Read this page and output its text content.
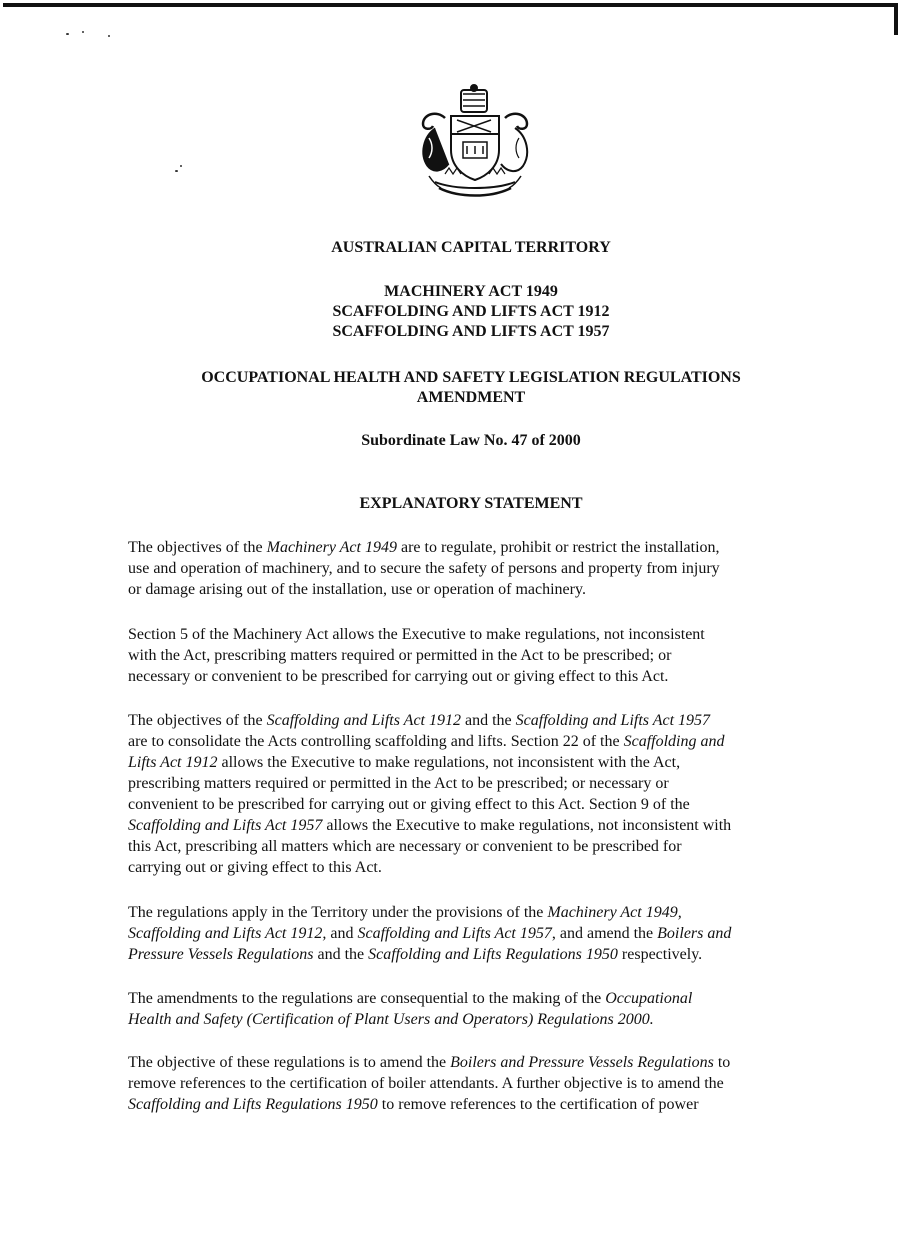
AUSTRALIAN CAPITAL TERRITORY
MACHINERY ACT 1949
SCAFFOLDING AND LIFTS ACT 1912
SCAFFOLDING AND LIFTS ACT 1957
OCCUPATIONAL HEALTH AND SAFETY LEGISLATION REGULATIONS
AMENDMENT
Subordinate Law No. 47 of 2000
EXPLANATORY STATEMENT
The objectives of the Machinery Act 1949 are to regulate, prohibit or restrict the installation,
use and operation of machinery, and to secure the safety of persons and property from injury
or damage arising out of the installation, use or operation of machinery.
Section 5 of the Machinery Act allows the Executive to make regulations, not inconsistent
with the Act, prescribing matters required or permitted in the Act to be prescribed; or
necessary or convenient to be prescribed for carrying out or giving effect to this Act.
The objectives of the Scaffolding and Lifts Act 1912 and the Scaffolding and Lifts Act 1957
are to consolidate the Acts controlling scaffolding and lifts. Section 22 of the Scaffolding and
Lifts Act 1912 allows the Executive to make regulations, not inconsistent with the Act,
prescribing matters required or permitted in the Act to be prescribed; or necessary or
convenient to be prescribed for carrying out or giving effect to this Act. Section 9 of the
Scaffolding and Lifts Act 1957 allows the Executive to make regulations, not inconsistent with
this Act, prescribing all matters which are necessary or convenient to be prescribed for
carrying out or giving effect to this Act.
The regulations apply in the Territory under the provisions of the Machinery Act 1949,
Scaffolding and Lifts Act 1912, and Scaffolding and Lifts Act 1957, and amend the Boilers and
Pressure Vessels Regulations and the Scaffolding and Lifts Regulations 1950 respectively.
The amendments to the regulations are consequential to the making of the Occupational
Health and Safety (Certification of Plant Users and Operators) Regulations 2000.
The objective of these regulations is to amend the Boilers and Pressure Vessels Regulations to
remove references to the certification of boiler attendants. A further objective is to amend the
Scaffolding and Lifts Regulations 1950 to remove references to the certification of power
